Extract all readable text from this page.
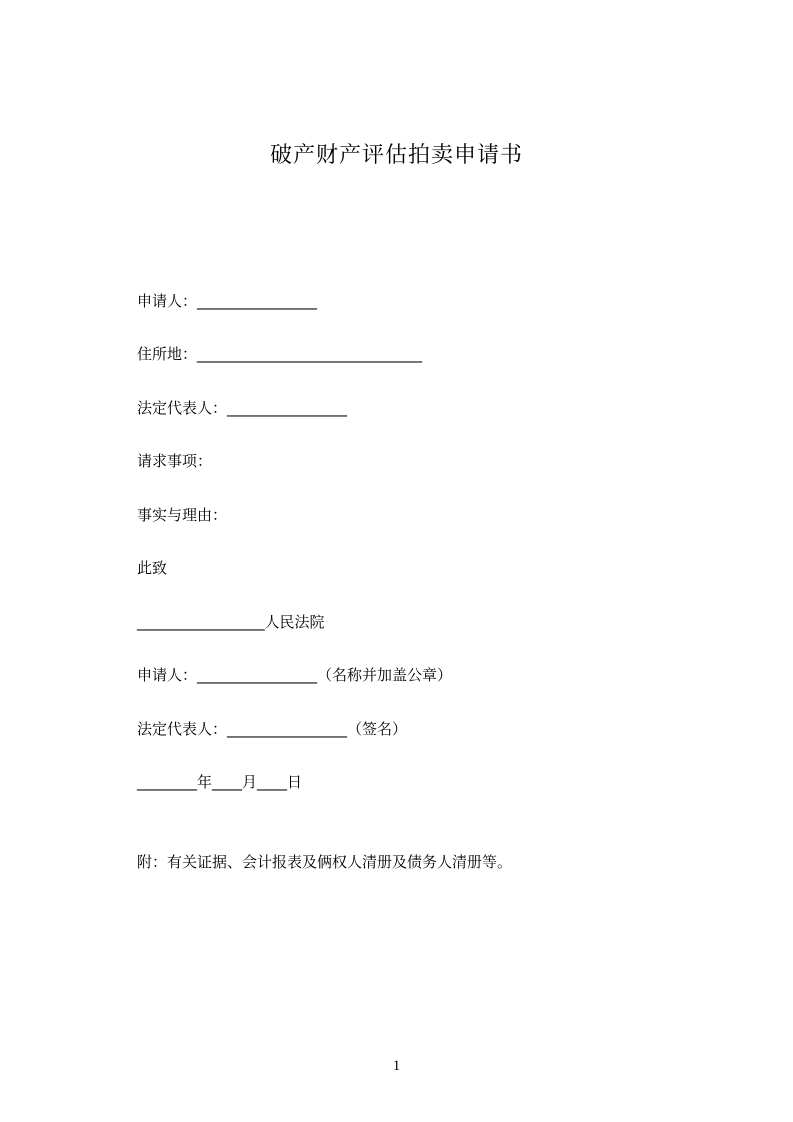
破产财产评估拍卖申请书
申请人：________________
住所地：______________________________
法定代表人：________________
请求事项：
事实与理由：
此致
_________________人民法院
申请人：________________（名称并加盖公章）
法定代表人：________________（签名）
________年____月____日
附：有关证据、会计报表及俩权人清册及债务人清册等。
1
